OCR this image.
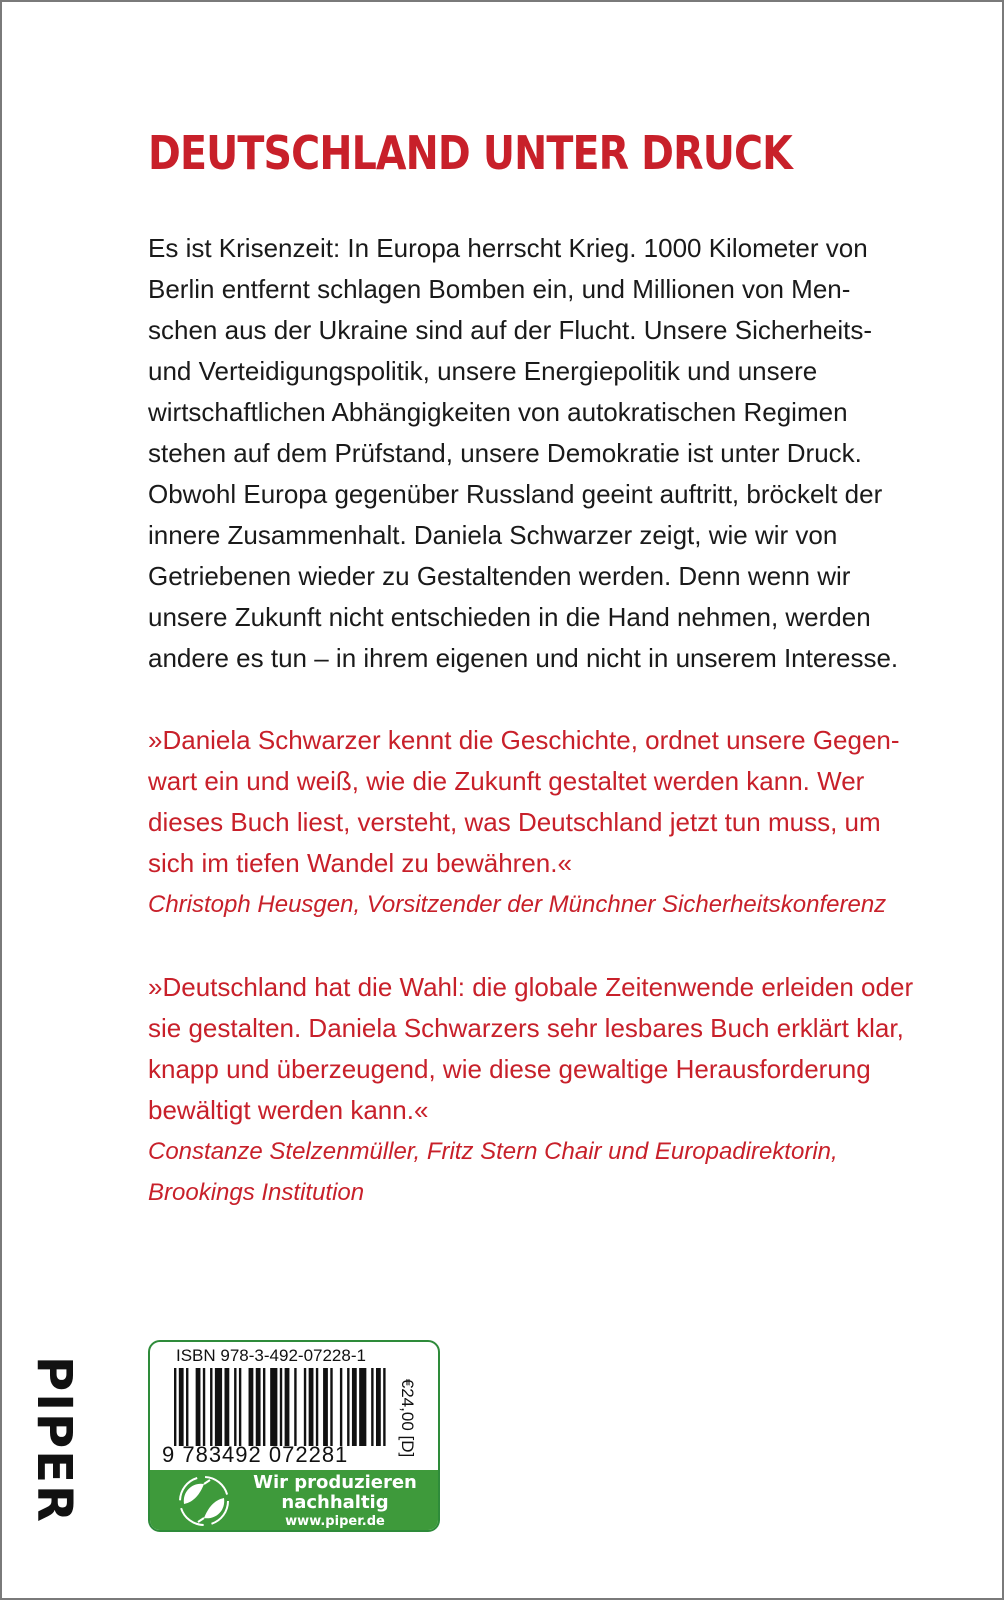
DEUTSCHLAND UNTER DRUCK

Es ist Krisenzeit: In Europa herrscht Krieg. 1000 Kilometer von
Berlin entfernt schlagen Bomben ein, und Millionen von Men-
schen aus der Ukraine sind auf der Flucht. Unsere Sicherheits-
und Verteidigungspolitik, unsere Energiepolitik und unsere
wirtschaftlichen Abhängigkeiten von autokratischen Regimen
stehen auf dem Prüfstand, unsere Demokratie ist unter Druck.
Obwohl Europa gegenüber Russland geeint auftritt, bröckelt der
innere Zusammenhalt. Daniela Schwarzer zeigt, wie wir von
Getriebenen wieder zu Gestaltenden werden. Denn wenn wir
unsere Zukunft nicht entschieden in die Hand nehmen, werden
andere es tun – in ihrem eigenen und nicht in unserem Interesse.

»Daniela Schwarzer kennt die Geschichte, ordnet unsere Gegen-
wart ein und weiß, wie die Zukunft gestaltet werden kann. Wer
dieses Buch liest, versteht, was Deutschland jetzt tun muss, um
sich im tiefen Wandel zu bewähren.«
Christoph Heusgen, Vorsitzender der Münchner Sicherheitskonferenz
»Deutschland hat die Wahl: die globale Zeitenwende erleiden oder
sie gestalten. Daniela Schwarzers sehr lesbares Buch erklärt klar,
knapp und überzeugend, wie diese gewaltige Herausforderung
bewältigt werden kann.«
Constanze Stelzenmüller, Fritz Stern Chair und Europadirektorin,
Brookings Institution
PIPER
ISBN 978-3-492-07228-1
9 783492 072281	€24,00 [D]
Wir produzieren
nachhaltig
www.piper.de
